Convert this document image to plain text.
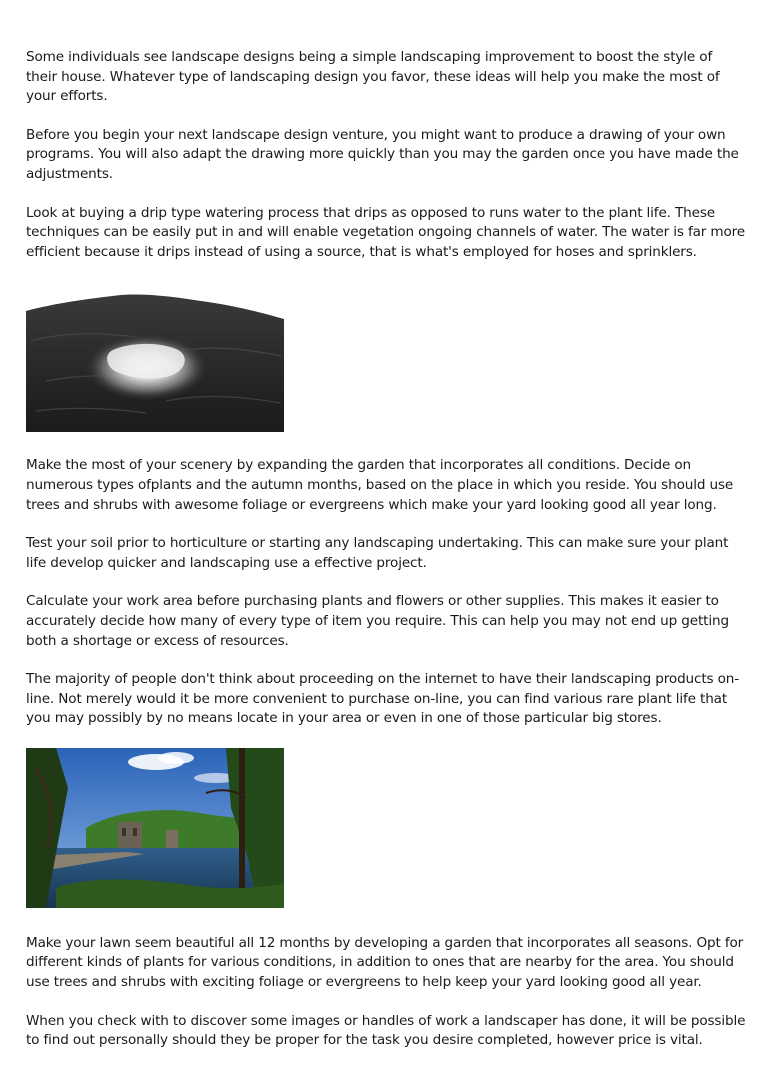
Some individuals see landscape designs being a simple landscaping improvement to boost the style of their house. Whatever type of landscaping design you favor, these ideas will help you make the most of your efforts.

Before you begin your next landscape design venture, you might want to produce a drawing of your own programs. You will also adapt the drawing more quickly than you may the garden once you have made the adjustments.

Look at buying a drip type watering process that drips as opposed to runs water to the plant life. These techniques can be easily put in and will enable vegetation ongoing channels of water. The water is far more efficient because it drips instead of using a source, that is what's employed for hoses and sprinklers.

Make the most of your scenery by expanding the garden that incorporates all conditions. Decide on numerous types ofplants and the autumn months, based on the place in which you reside. You should use trees and shrubs with awesome foliage or evergreens which make your yard looking good all year long.

Test your soil prior to horticulture or starting any landscaping undertaking. This can make sure your plant life develop quicker and landscaping use a effective project.

Calculate your work area before purchasing plants and flowers or other supplies. This makes it easier to accurately decide how many of every type of item you require. This can help you may not end up getting both a shortage or excess of resources.

The majority of people don't think about proceeding on the internet to have their landscaping products on-line. Not merely would it be more convenient to purchase on-line, you can find various rare plant life that you may possibly by no means locate in your area or even in one of those particular big stores.

Make your lawn seem beautiful all 12 months by developing a garden that incorporates all seasons. Opt for different kinds of plants for various conditions, in addition to ones that are nearby for the area. You should use trees and shrubs with exciting foliage or evergreens to help keep your yard looking good all year.

When you check with to discover some images or handles of work a landscaper has done, it will be possible to find out personally should they be proper for the task you desire completed, however price is vital.
